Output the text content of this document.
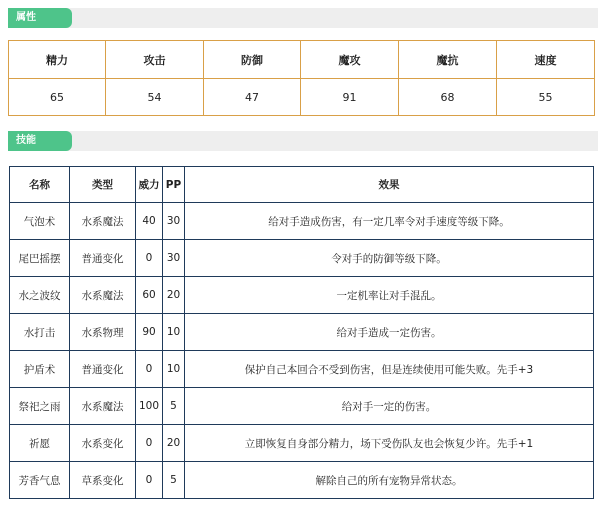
属性
精力	攻击	防御	魔攻	魔抗	速度
65	54	47	91	68	55
技能
名称	类型	威力	PP	效果
气泡术	水系魔法	40	30	给对手造成伤害，有一定几率令对手速度等级下降。
尾巴摇摆	普通变化	0	30	令对手的防御等级下降。
水之波纹	水系魔法	60	20	一定机率让对手混乱。
水打击	水系物理	90	10	给对手造成一定伤害。
护盾术	普通变化	0	10	保护自己本回合不受到伤害，但是连续使用可能失败。先手+3
祭祀之雨	水系魔法	100	5	给对手一定的伤害。
祈愿	水系变化	0	20	立即恢复自身部分精力，场下受伤队友也会恢复少许。先手+1
芳香气息	草系变化	0	5	解除自己的所有宠物异常状态。
